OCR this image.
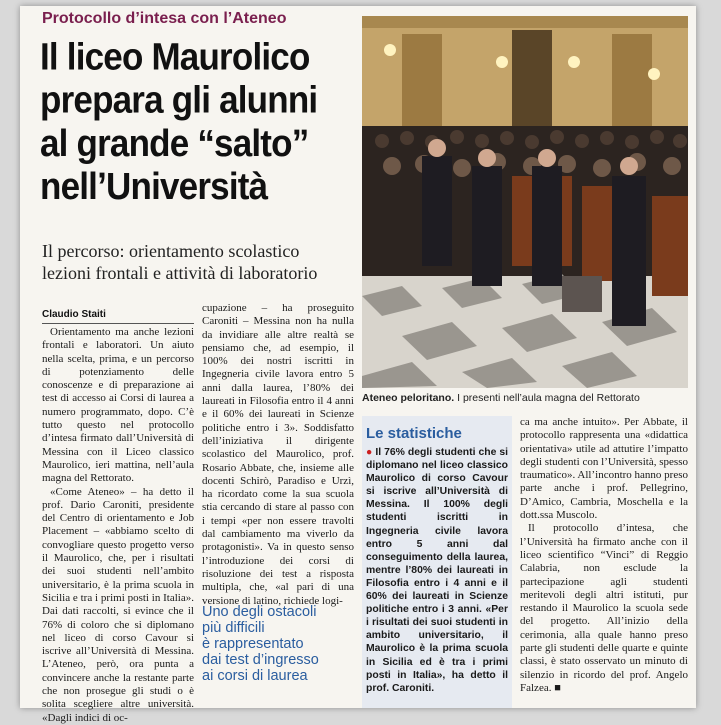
Protocollo d’intesa con l’Ateneo
Il liceo Maurolico
prepara gli alunni
al grande “salto”
nell’Università
Il percorso: orientamento scolastico
lezioni frontali e attività di laboratorio
Ateneo peloritano. I presenti nell’aula magna del Rettorato
Claudio Staiti

Orientamento ma anche lezioni frontali e laboratori. Un aiuto nella scelta, prima, e un percorso di potenziamento delle conoscenze e di preparazione ai test di accesso ai Corsi di laurea a numero programmato, dopo. C’è tutto questo nel protocollo d’intesa firmato dall’Università di Messina con il Liceo classico Maurolico, ieri mattina, nell’aula magna del Rettorato.

«Come Ateneo» – ha detto il prof. Dario Caroniti, presidente del Centro di orientamento e Job Placement – «abbiamo scelto di convogliare questo progetto verso il Maurolico, che, per i risultati dei suoi studenti nell’ambito universitario, è la prima scuola in Sicilia e tra i primi posti in Italia». Dai dati raccolti, si evince che il 76% di coloro che si diplomano nel liceo di corso Cavour si iscrive all’Università di Messina. L’Ateneo, però, ora punta a convincere anche la restante parte che non prosegue gli studi o è solita scegliere altre università. «Dagli indici di oc-

cupazione – ha proseguito Caroniti – Messina non ha nulla da invidiare alle altre realtà se pensiamo che, ad esempio, il 100% dei nostri iscritti in Ingegneria civile lavora entro 5 anni dalla laurea, l’80% dei laureati in Filosofia entro il 4 anni e il 60% dei laureati in Scienze politiche entro i 3». Soddisfatto dell’iniziativa il dirigente scolastico del Maurolico, prof. Rosario Abbate, che, insieme alle docenti Schirò, Paradiso e Urzì, ha ricordato come la sua scuola stia cercando di stare al passo con i tempi «per non essere travolti dal cambiamento ma viverlo da protagonisti». Va in questo senso l’introduzione dei corsi di risoluzione dei test a risposta multipla, che, «al pari di una versione di latino, richiede logi-

Uno degli ostacoli
più difficili
è rappresentato
dai test d’ingresso
ai corsi di laurea
Le statistiche
● Il 76% degli studenti che si diplomano nel liceo classico Maurolico di corso Cavour si iscrive all’Università di Messina. Il 100% degli studenti iscritti in Ingegneria civile lavora entro 5 anni dal conseguimento della laurea, mentre l’80% dei laureati in Filosofia entro i 4 anni e il 60% dei laureati in Scienze politiche entro i 3 anni. «Per i risultati dei suoi studenti in ambito universitario, il Maurolico è la prima scuola in Sicilia ed è tra i primi posti in Italia», ha detto il prof. Caroniti.

ca ma anche intuito». Per Abbate, il protocollo rappresenta una «didattica orientativa» utile ad attutire l’impatto degli studenti con l’Università, spesso traumatico». All’incontro hanno preso parte anche i prof. Pellegrino, D’Amico, Cambria, Moschella e la dott.ssa Muscolo.

Il protocollo d’intesa, che l’Università ha firmato anche con il liceo scientifico “Vinci” di Reggio Calabria, non esclude la partecipazione agli studenti meritevoli degli altri istituti, pur restando il Maurolico la scuola sede del progetto. All’inizio della cerimonia, alla quale hanno preso parte gli studenti delle quarte e quinte classi, è stato osservato un minuto di silenzio in ricordo del prof. Angelo Falzea. ■
